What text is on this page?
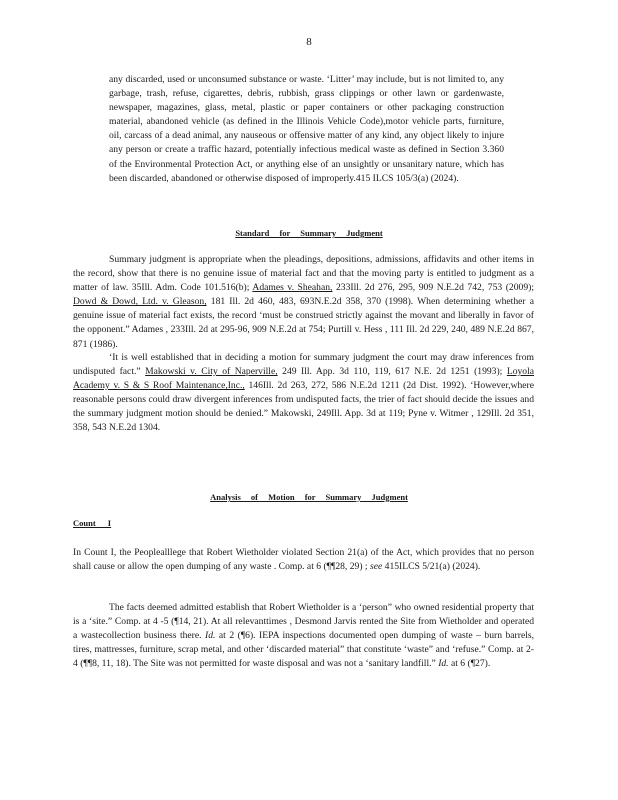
8

any discarded, used or unconsumed substance or waste. ‘Litter’ may include, but is not limited to, any garbage, trash, refuse, cigarettes, debris, rubbish, grass clippings or other lawn or gardenwaste, newspaper, magazines, glass, metal, plastic or paper containers or other packaging construction material, abandoned vehicle (as defined in the Illinois Vehicle Code),motor vehicle parts, furniture, oil, carcass of a dead animal, any nauseous or offensive matter of any kind, any object likely to injure any person or create a traffic hazard, potentially infectious medical waste as defined in Section 3.360 of the Environmental Protection Act, or anything else of an unsightly or unsanitary nature, which has been discarded, abandoned or otherwise disposed of improperly.415 ILCS 105/3(a) (2024).

Standard for Summary Judgment

Summary judgment is appropriate when the pleadings, depositions, admissions, affidavits and other items in the record, show that there is no genuine issue of material fact and that the moving party is entitled to judgment as a matter of law. 35Ill. Adm. Code 101.516(b); Adames v. Sheahan, 233Ill. 2d 276, 295, 909 N.E.2d 742, 753 (2009); Dowd & Dowd, Ltd. v. Gleason, 181 Ill. 2d 460, 483, 693N.E.2d 358, 370 (1998). When determining whether a genuine issue of material fact exists, the record ‘must be construed strictly against the movant and liberally in favor of the opponent.” Adames , 233Ill. 2d at 295-96, 909 N.E.2d at 754; Purtill v. Hess , 111 Ill. 2d 229, 240, 489 N.E.2d 867, 871 (1986).

‘It is well established that in deciding a motion for summary judgment the court may draw inferences from undisputed fact.” Makowski v. City of Naperville, 249 Ill. App. 3d 110, 119, 617 N.E. 2d 1251 (1993); Loyola Academy v. S & S Roof Maintenance,Inc., 146Ill. 2d 263, 272, 586 N.E.2d 1211 (2d Dist. 1992). ‘However,where reasonable persons could draw divergent inferences from undisputed facts, the trier of fact should decide the issues and the summary judgment motion should be denied.” Makowski, 249Ill. App. 3d at 119; Pyne v. Witmer , 129Ill. 2d 351, 358, 543 N.E.2d 1304.

Analysis of Motion for Summary Judgment
Count I

In Count I, the Peoplealllege that Robert Wietholder violated Section 21(a) of the Act, which provides that no person shall cause or allow the open dumping of any waste . Comp. at 6 (¶¶28, 29) ; see 415ILCS 5/21(a) (2024).

The facts deemed admitted establish that Robert Wietholder is a ‘person” who owned residential property that is a ‘site.” Comp. at 4 -5 (¶14, 21). At all relevanttimes , Desmond Jarvis rented the Site from Wietholder and operated a wastecollection business there. Id. at 2 (¶6). IEPA inspections documented open dumping of waste – burn barrels, tires, mattresses, furniture, scrap metal, and other ‘discarded material” that constitute ‘waste” and ‘refuse.” Comp. at 2-4 (¶¶8, 11, 18). The Site was not permitted for waste disposal and was not a ‘sanitary landfill.” Id. at 6 (¶27).
